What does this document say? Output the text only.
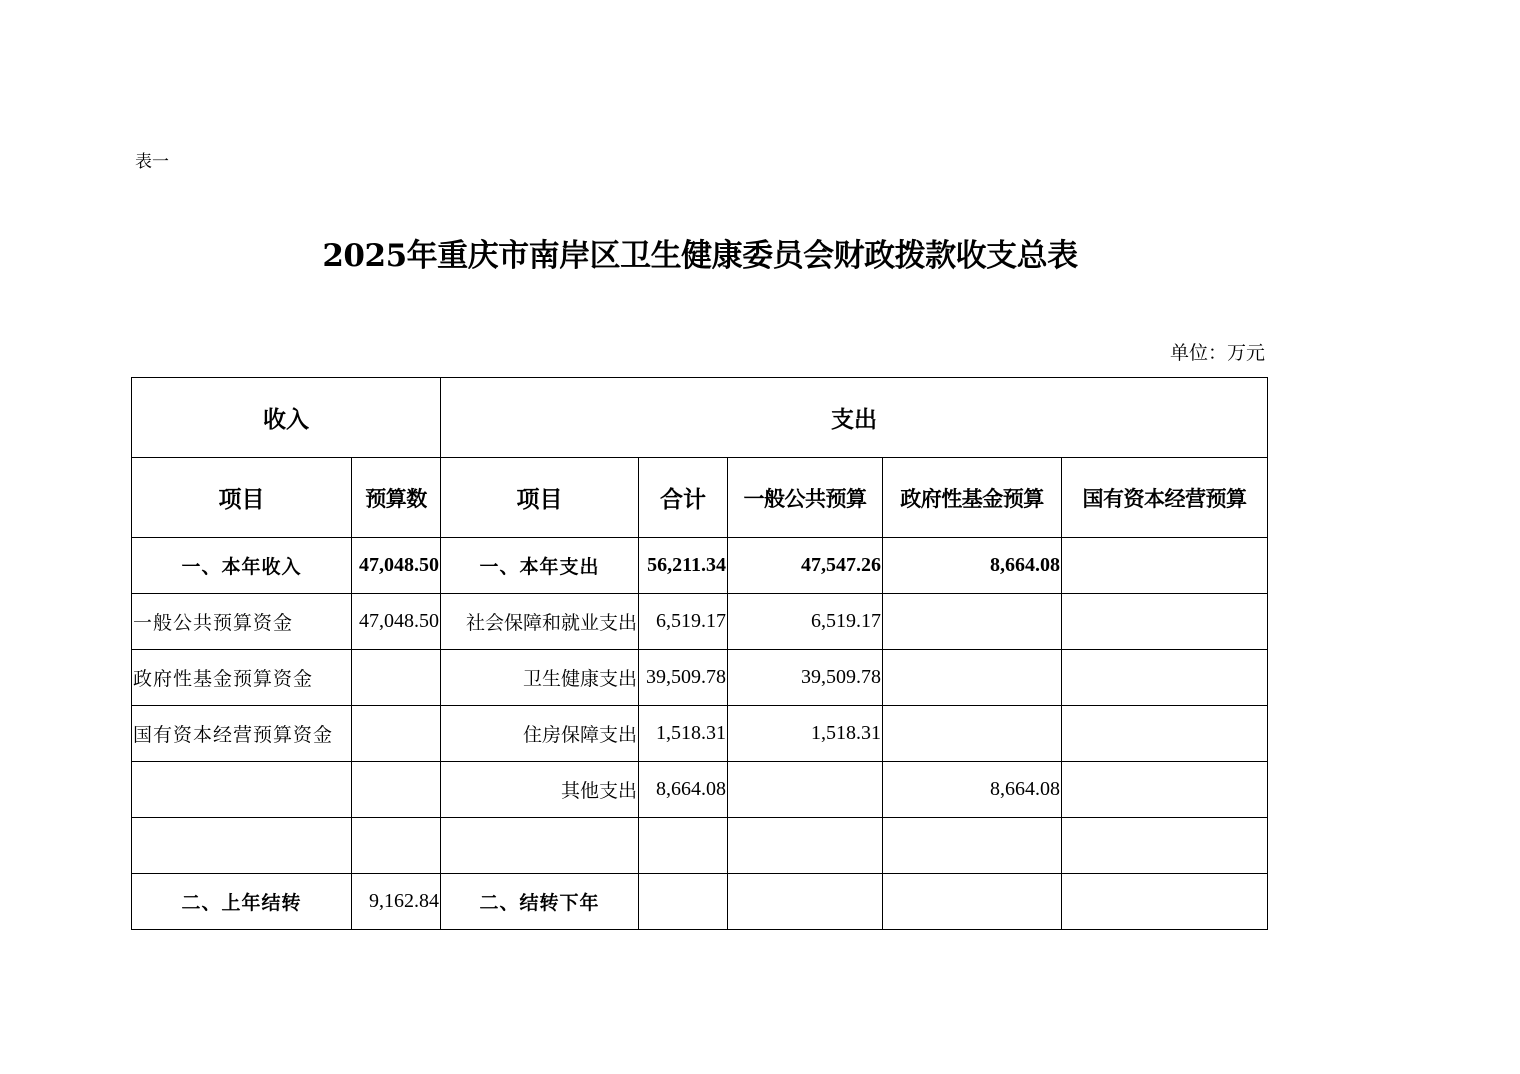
表一
2025年重庆市南岸区卫生健康委员会财政拨款收支总表
单位：万元
收入		支出				
项目	预算数	项目	合计	一般公共预算	政府性基金预算	国有资本经营预算
一、本年收入	47,048.50	一、本年支出	56,211.34	47,547.26	8,664.08	
一般公共预算资金	47,048.50	社会保障和就业支出	6,519.17	6,519.17		
政府性基金预算资金		卫生健康支出	39,509.78	39,509.78		
国有资本经营预算资金		住房保障支出	1,518.31	1,518.31		
		其他支出	8,664.08		8,664.08	

二、上年结转	9,162.84	二、结转下年				
